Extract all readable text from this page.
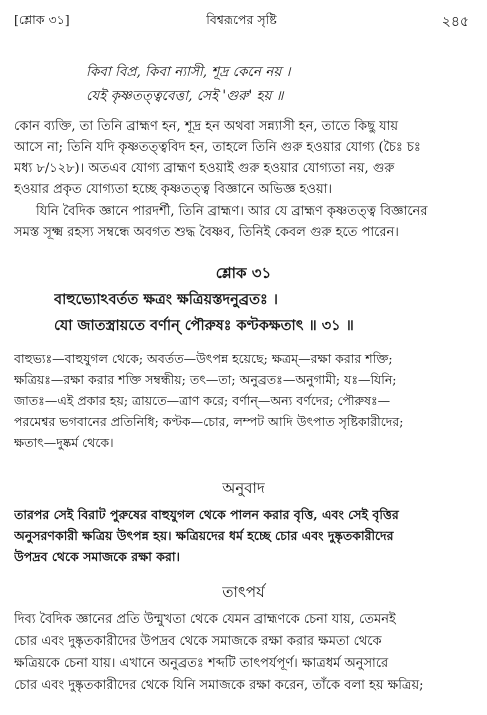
[শ্লোক ৩১]	বিশ্বরূপের সৃষ্টি	২৪৫
কিবা বিপ্র, কিবা ন্যাসী, শূদ্র কেনে নয় ।
যেই কৃষ্ণতত্ত্ববেত্তা, সেই 'গুরু' হয় ॥
কোন ব্যক্তি, তা তিনি ব্রাহ্মণ হন, শূদ্র হন অথবা সন্ন্যাসী হন, তাতে কিছু যায়
আসে না; তিনি যদি কৃষ্ণতত্ত্ববিদ হন, তাহলে তিনি গুরু হওয়ার যোগ্য (চৈঃ চঃ
মধ্য ৮/১২৮)। অতএব যোগ্য ব্রাহ্মণ হওয়াই গুরু হওয়ার যোগ্যতা নয়, গুরু
হওয়ার প্রকৃত যোগ্যতা হচ্ছে কৃষ্ণতত্ত্ব বিজ্ঞানে অভিজ্ঞ হওয়া।
যিনি বৈদিক জ্ঞানে পারদর্শী, তিনি ব্রাহ্মণ। আর যে ব্রাহ্মণ কৃষ্ণতত্ত্ব বিজ্ঞানের
সমস্ত সূক্ষ্ম রহস্য সম্বন্ধে অবগত শুদ্ধ বৈষ্ণব, তিনিই কেবল গুরু হতে পারেন।
শ্লোক ৩১
বাহুভ্যোঽবর্তত ক্ষত্রং ক্ষত্রিয়স্তদনুব্রতঃ ।
যো জাতস্ত্রায়তে বর্ণান্ পৌরুষঃ কণ্টকক্ষতাৎ ॥ ৩১ ॥
বাহুভ্যঃ—বাহুযুগল থেকে; অবর্তত—উৎপন্ন হয়েছে; ক্ষত্রম্—রক্ষা করার শক্তি;
ক্ষত্রিয়ঃ—রক্ষা করার শক্তি সম্বন্ধীয়; তৎ—তা; অনুব্রতঃ—অনুগামী; যঃ—যিনি;
জাতঃ—এই প্রকার হয়; ত্রায়তে—ত্রাণ করে; বর্ণান্—অন্য বর্ণদের; পৌরুষঃ—
পরমেশ্বর ভগবানের প্রতিনিধি; কণ্টক—চোর, লম্পট আদি উৎপাত সৃষ্টিকারীদের;
ক্ষতাৎ—দুষ্কর্ম থেকে।
অনুবাদ
তারপর সেই বিরাট পুরুষের বাহুযুগল থেকে পালন করার বৃত্তি, এবং সেই বৃত্তির
অনুসরণকারী ক্ষত্রিয় উৎপন্ন হয়। ক্ষত্রিয়দের ধর্ম হচ্ছে চোর এবং দুষ্কৃতকারীদের
উপদ্রব থেকে সমাজকে রক্ষা করা।
তাৎপর্য
দিব্য বৈদিক জ্ঞানের প্রতি উন্মুখতা থেকে যেমন ব্রাহ্মণকে চেনা যায়, তেমনই
চোর এবং দুষ্কৃতকারীদের উপদ্রব থেকে সমাজকে রক্ষা করার ক্ষমতা থেকে
ক্ষত্রিয়কে চেনা যায়। এখানে অনুব্রতঃ শব্দটি তাৎপর্যপূর্ণ। ক্ষাত্রধর্ম অনুসারে
চোর এবং দুষ্কৃতকারীদের থেকে যিনি সমাজকে রক্ষা করেন, তাঁকে বলা হয় ক্ষত্রিয়;
